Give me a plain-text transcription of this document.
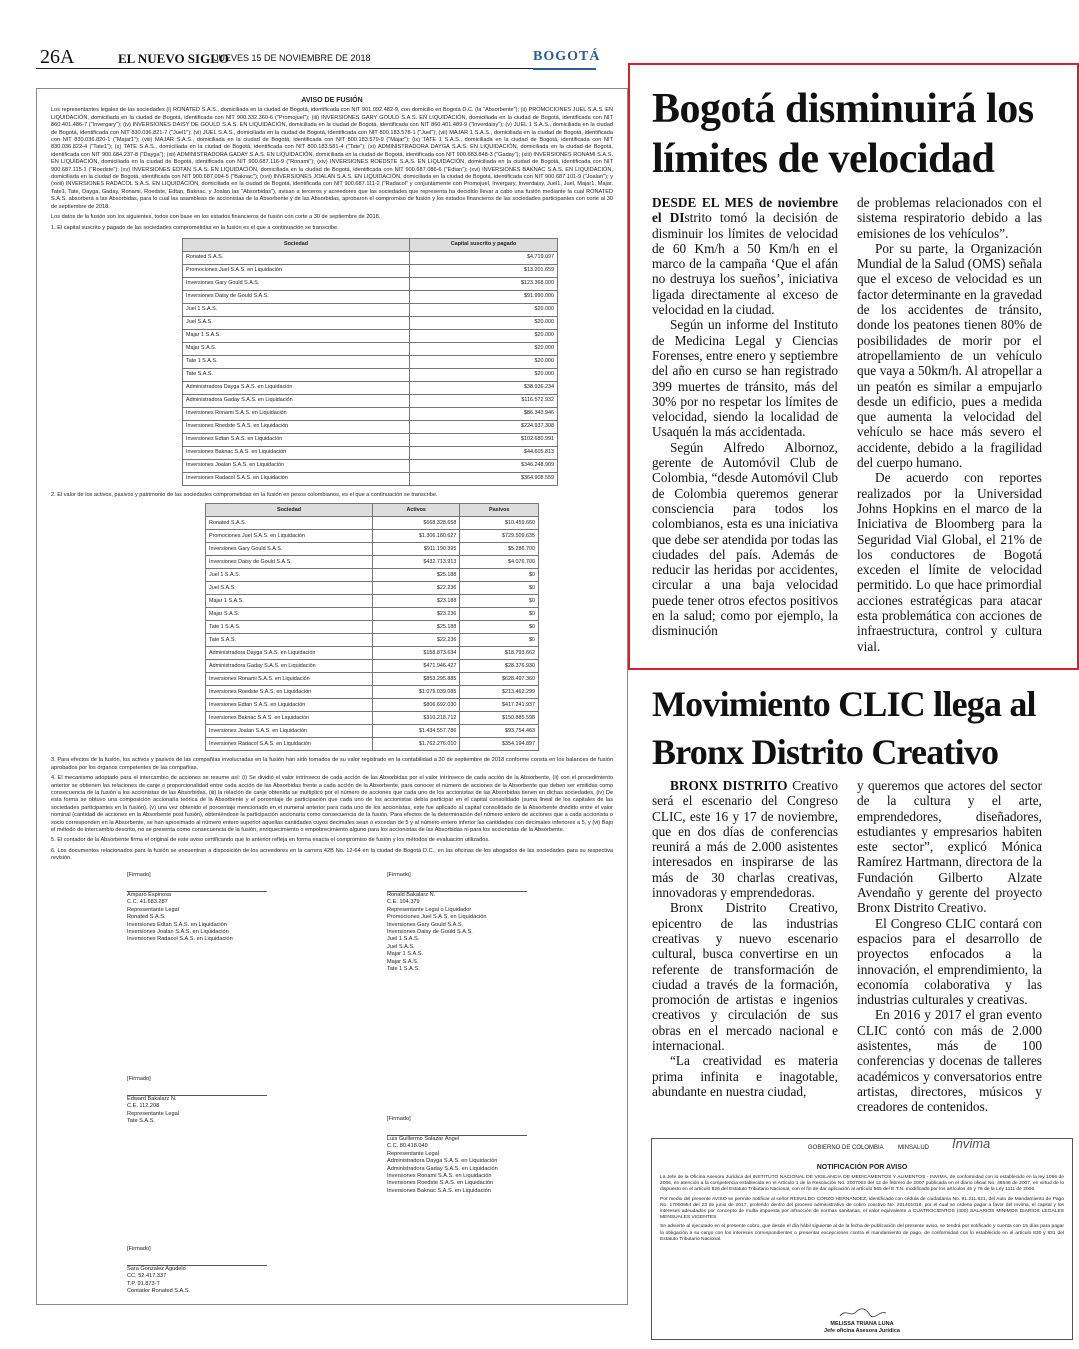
26A	EL NUEVO SIGLO
JUEVES 15 DE NOVIEMBRE DE 2018	BOGOTÁ
AVISO DE FUSIÓN

Los representantes legales de las sociedades (i) RONATED S.A.S., domiciliada en la ciudad de Bogotá, identificada con NIT 901.092.482-9, con domicilio en Bogotá D.C. (la "Absorbente"); (ii) PROMOCIONES JUEL S.A.S. EN LIQUIDACIÓN, domiciliada en la ciudad de Bogotá, identificada con NIT 900.332.360-6 ("Promojuel"); (iii) INVERSIONES GARY GOULD S.A.S. EN LIQUIDACIÓN, domiciliada en la ciudad de Bogotá, identificada con NIT 860.401.486-7 ("Invergary"); (iv) INVERSIONES DAISY DE GOULD S.A.S. EN LIQUIDACIÓN, domiciliada en la ciudad de Bogotá, identificada con NIT 860.401.489-9 ("Inverdaisy"); (v) JUEL 1 S.A.S., domiciliada en la ciudad de Bogotá, identificada con NIT 830.036.821-7 ("Juel1"); (vi) JUEL S.A.S., domiciliada en la ciudad de Bogotá, identificada con NIT 800.183.578-1 ("Juel"); (vii) MAJAR 1 S.A.S., domiciliada en la ciudad de Bogotá, identificada con NIT 830.036.820-1 ("Majar1"); (viii) MAJAR S.A.S., domiciliada en la ciudad de Bogotá, identificada con NIT 800.183.579-9 ("Majar"); (ix) TATE 1 S.A.S., domiciliada en la ciudad de Bogotá, identificada con NIT 830.036.822-4 ("Tate1"); (x) TATE S.A.S., domiciliada en la ciudad de Bogotá, identificada con NIT 800.183.581-4 ("Tate"); (xi) ADMINISTRADORA DAYGA S.A.S. EN LIQUIDACIÓN, domiciliada en la ciudad de Bogotá, identificada con NIT 900.684.237-8 ("Dayga"); (xii) ADMINISTRADORA GADAY S.A.S. EN LIQUIDACIÓN, domiciliada en la ciudad de Bogotá, identificada con NIT 900.683.848-3 ("Gaday"); (xiii) INVERSIONES RONAMI S.A.S. EN LIQUIDACIÓN, domiciliada en la ciudad de Bogotá, identificada con NIT 900.687.116-9 ("Ronami"); (xiv) INVERSIONES ROEDSTE S.A.S. EN LIQUIDACIÓN, domiciliada en la ciudad de Bogotá, identificada con NIT 900.687.115-1 ("Roedste"); (xv) INVERSIONES EDTAN S.A.S. EN LIQUIDACIÓN, domiciliada en la ciudad de Bogotá, identificada con NIT 900.687.086-6 ("Edtan"); (xvi) INVERSIONES BAKNAC S.A.S. EN LIQUIDACIÓN, domiciliada en la ciudad de Bogotá, identificada con NIT 900.687.094-5 ("Baknac"); (xvii) INVERSIONES JOALAN S.A.S. EN LIQUIDACIÓN, domiciliada en la ciudad de Bogotá, identificada con NIT 900.687.101-9 ("Joalan"); y (xviii) INVERSIONES RADACOL S.A.S. EN LIQUIDACIÓN, domiciliada en la ciudad de Bogotá, identificada con NIT 900.687.111-2 ("Radacol" y conjuntamente con Promojuel, Invergary, Inverdaisy, Juel1, Juel, Majar1, Majar, Tate1, Tate, Dayga, Gaday, Ronami, Roedste, Edtan, Baknac, y Joalan las "Absorbidas"), avisan a terceros y acreedores que las sociedades que representa ha decidido llevar a cabo una fusión mediante la cual RONATED S.A.S. absorberá a las Absorbidas, para lo cual las asambleas de accionistas de la Absorbente y de las Absorbidas, aprobaron el compromiso de fusión y los estados financieros de las sociedades participantes con corte al 30 de septiembre de 2018.

Los datos de la fusión son los siguientes, todos con base en los estados financieros de fusión con corte a 30 de septiembre de 2018.

1. El capital suscrito y pagado de las sociedades comprometidas en la fusión es el que a continuación se transcribe.

Sociedad	Capital suscrito y pagado
Ronated S.A.S.	$4.719.097
Promociones Juel S.A.S. en Liquidación	$13.201.659
Inversiones Gary Gould S.A.S.	$123.368.000
Inversiones Daisy de Gould S.A.S.	$91.990.000
Juel 1 S.A.S.	$20.000
Juel S.A.S.	$20.000
Majar 1 S.A.S.	$20.000
Majar S.A.S.	$20.000
Tate 1 S.A.S.	$20.000
Tate S.A.S.	$20.000
Administradora Dayga S.A.S. en Liquidación	$38.936.234
Administradora Gaday S.A.S. en Liquidación	$116.572.932
Inversiones Ronami S.A.S. en Liquidación	$86.343.946
Inversiones Roedste S.A.S. en Liquidación	$224.937.308
Inversiones Edtan S.A.S. en Liquidación	$102.680.991
Inversiones Baknac S.A.S. en Liquidación	$44.605.813
Inversiones Joalan S.A.S. en Liquidación	$346.248.909
Inversiones Radacol S.A.S. en Liquidación	$364.908.559

2. El valor de los activos, pasivos y patrimonio de las sociedades comprometidas en la fusión en pesos colombianos, es el que a continuación se transcribe.

Sociedad	Activos	Pasivos
Ronated S.A.S.	$668.328.658	$10.459.660
Promociones Juel S.A.S. en Liquidación	$1.306.180.627	$729.509.635
Inversiones Gary Gould S.A.S.	$911.190.395	$5.286.700
Inversiones Daisy de Gould S.A.S.	$432.713.913	$4.076.700
Juel 1 S.A.S.	$25.188	$0
Juel S.A.S.	$22.236	$0
Majar 1 S.A.S.	$23.188	$0
Majar S.A.S.	$23.236	$0
Tate 1 S.A.S.	$25.188	$0
Tate S.A.S.	$22.236	$0
Administradora Dayga S.A.S. en Liquidación	$158.873.634	$18.793.662
Administradora Gaday S.A.S. en Liquidación	$471.946.427	$28.376.930
Inversiones Ronami S.A.S. en Liquidación	$853.295.885	$628.497.360
Inversiones Roedste S.A.S. en Liquidación	$1.079.039.085	$213.462.299
Inversiones Edtan S.A.S. en Liquidación	$806.692.030	$417.241.937
Inversiones Baknac S.A.S. en Liquidación	$310.218.712	$150.885.598
Inversiones Joalan S.A.S. en Liquidación	$1.434.557.786	$93.754.463
Inversiones Radacol S.A.S. en Liquidación	$1.762.276.010	$354.194.897

3. Para efectos de la fusión, los activos y pasivos de las compañías involucradas en la fusión han sido tomados de su valor registrado en la contabilidad a 30 de septiembre de 2018 conforme consta en los balances de fusión aprobados por los órganos competentes de las compañías.

4. El mecanismo adoptado para el intercambio de acciones se resume así: (i) Se dividió el valor intrínseco de cada acción de las Absorbidas por el valor intrínseco de cada acción de la Absorbente, (ii) con el procedimiento anterior se obtienen las relaciones de canje o proporcionalidad entre cada acción de las Absorbidas frente a cada acción de la Absorbente, para conocer el número de acciones de la Absorbente que deben ser emitidas como consecuencia de la fusión a los accionistas de las Absorbidas, (iii) la relación de canje obtenida se multiplicó por el número de acciones que cada uno de los accionistas de las Absorbidas tienen en dichas sociedades, (iv) De esta forma se obtuvo una composición accionaria teórica de la Absorbente y el porcentaje de participación que cada uno de los accionistas debía participar en el capital consolidado (suma lineal de los capitales de las sociedades participantes en la fusión), (v) una vez obtenido el porcentaje mencionado en el numeral anterior para cada uno de los accionistas, este fue aplicado al capital consolidado de la Absorbente dividido entre el valor nominal (cantidad de acciones en la Absorbente post fusión), obteniéndose la participación accionaria como consecuencia de la fusión. Para efectos de la determinación del número entero de acciones que a cada accionista o socio corresponden en la Absorbente, se han aproximado al número entero superior aquellas cantidades cuyos decimales sean o excedan de 5 y al número entero inferior las cantidades con decimales inferiores a 5, y (vi) Bajo el método de intercambio descrito, no se presenta como consecuencia de la fusión, enriquecimiento o empobrecimiento alguno para los accionistas de las Absorbidas ni para los accionistas de la Absorbente.

5. El contador de la Absorbente firma el original de este aviso certificando que lo anterior refleja en forma exacta el compromiso de fusión y los métodos de evaluación utilizados.

6. Los documentos relacionados para la fusión se encuentran a disposición de los acreedores en la carrera 42B No. 12-64 en la ciudad de Bogotá D.C., en las oficinas de los abogados de las sociedades para su respectiva revisión.

[Firmado]
Amparo Espinosa
C.C. 41.683.287
Representante Legal
Ronated S.A.S.
Inversiones Edtan S.A.S. en Liquidación
Inversiones Joalan S.A.S. en Liquidación
Inversiones Radacol S.A.S. en Liquidación
[Firmado]
Ronald Bakalarz N.
C.E. 104.379
Representante Legal o Liquidador
Promociones Juel S.A.S. en Liquidación
Inversiones Gary Gould S.A.S.
Inversiones Daisy de Gould S.A.S.
Juel 1 S.A.S.
Juel S.A.S.
Majar 1 S.A.S.
Majar S.A.S.
Tate 1 S.A.S.
[Firmado]
Edward Bakalarz N.
C.E. 112.208
Representante Legal
Tate S.A.S.	[Firmado]
Luis Guillermo Salazar Ángel
C.C. 80.418.049
Representante Legal
Administradora Dayga S.A.S. en Liquidación
Administradora Gaday S.A.S. en Liquidación
Inversiones Ronami S.A.S. en Liquidación
Inversiones Roedste S.A.S. en Liquidación
Inversiones Baknac S.A.S. en Liquidación
[Firmado]
Sara Gonzalez Agudelo
CC. 52.417.337
T.P. 91.873-T
Contador Ronated S.A.S.
Bogotá disminuirá los límites de velocidad

DESDE EL MES de noviembre el DIstrito tomó la decisión de disminuir los límites de velocidad de 60 Km/h a 50 Km/h en el marco de la campaña ‘Que el afán no destruya los sueños’, iniciativa ligada directamente al exceso de velocidad en la ciudad.

Según un informe del Instituto de Medicina Legal y Ciencias Forenses, entre enero y septiembre del año en curso se han registrado 399 muertes de tránsito, más del 30% por no respetar los límites de velocidad, siendo la localidad de Usaquén la más accidentada.

Según Alfredo Albornoz, gerente de Automóvil Club de Colombia, “desde Automóvil Club de Colombia queremos generar consciencia para todos los colombianos, esta es una iniciativa que debe ser atendida por todas las ciudades del país. Además de reducir las heridas por accidentes, circular a una baja velocidad puede tener otros efectos positivos en la salud; como por ejemplo, la disminución

de problemas relacionados con el sistema respiratorio debido a las emisiones de los vehículos”.

Por su parte, la Organización Mundial de la Salud (OMS) señala que el exceso de velocidad es un factor determinante en la gravedad de los accidentes de tránsito, donde los peatones tienen 80% de posibilidades de morir por el atropellamiento de un vehículo que vaya a 50km/h. Al atropellar a un peatón es similar a empujarlo desde un edificio, pues a medida que aumenta la velocidad del vehículo se hace más severo el accidente, debido a la fragilidad del cuerpo humano.

De acuerdo con reportes realizados por la Universidad Johns Hopkins en el marco de la Iniciativa de Bloomberg para la Seguridad Vial Global, el 21% de los conductores de Bogotá exceden el límite de velocidad permitido. Lo que hace primordial acciones estratégicas para atacar esta problemática con acciones de infraestructura, control y cultura vial.

Movimiento CLIC llega al Bronx Distrito Creativo

BRONX DISTRITO Creativo será el escenario del Congreso CLIC, este 16 y 17 de noviembre, que en dos días de conferencias reunirá a más de 2.000 asistentes interesados en inspirarse de las más de 30 charlas creativas, innovadoras y emprendedoras.

Bronx Distrito Creativo, epicentro de las industrias creativas y nuevo escenario cultural, busca convertirse en un referente de transformación de ciudad a través de la formación, promoción de artistas e ingenios creativos y circulación de sus obras en el mercado nacional e internacional.

“La creatividad es materia prima infinita e inagotable, abundante en nuestra ciudad,

y queremos que actores del sector de la cultura y el arte, emprendedores, diseñadores, estudiantes y empresarios habiten este sector”, explicó Mónica Ramírez Hartmann, directora de la Fundación Gilberto Alzate Avendaño y gerente del proyecto Bronx Distrito Creativo.

El Congreso CLIC contará con espacios para el desarrollo de proyectos enfocados a la innovación, el emprendimiento, la economía colaborativa y las industrias culturales y creativas.

En 2016 y 2017 el gran evento CLIC contó con más de 2.000 asistentes, más de 100 conferencias y docenas de talleres académicos y conversatorios entre artistas, directores, músicos y creadores de contenidos.

GOBIERNO DE COLOMBIA MINSALUD Invima
NOTIFICACIÓN POR AVISO
La Jefe de la Oficina Asesora Jurídica del INSTITUTO NACIONAL DE VIGILANCIA DE MEDICAMENTOS Y ALIMENTOS - INVIMA, de conformidad con lo establecido en la ley 1066 de 2006, en atención a la competencia establecida en el Artículo 1 de la Resolución No. 2007002 del 12 de febrero de 2007 publicada en el diario oficial No. 46548 de 2007, en virtud de lo dispuesto en el artículo 826 del Estatuto Tributario Nacional, con el fin de dar aplicación al artículo 565 del E.T.N. modificado por los artículos 45 y 76 de la Ley 1111 de 2006.
Por medio del presente AVISO se permite notificar al señor REINALDO CORZO HERNANDEZ, identificado con cédula de ciudadanía No. 91.211.621, del Auto de Mandamiento de Pago No. 17000954 del 23 de junio de 2017, proferido dentro del proceso administrativo de cobro coactivo No. 201401018, por el cual se ordena pagar a favor del Invima, el capital y los intereses adeudados por concepto de multa impuesta por infracción de normas sanitarias, el valor equivalente a CUATROCIENTOS (400) SALARIOS MINIMOS DIARIOS LEGALES MENSUALES VIGENTES.
Se advierte al ejecutado en el presente cobro, que desde el día hábil siguiente al de la fecha de publicación del presente aviso, se tendrá por notificado y cuenta con 15 días para pagar la obligación a su cargo con los intereses correspondientes o presentar excepciones contra el mandamiento de pago, de conformidad con lo establecido en el artículo 830 y 831 del Estatuto Tributario Nacional.
MELISSA TRIANA LUNA
Jefe oficina Asesora Jurídica
